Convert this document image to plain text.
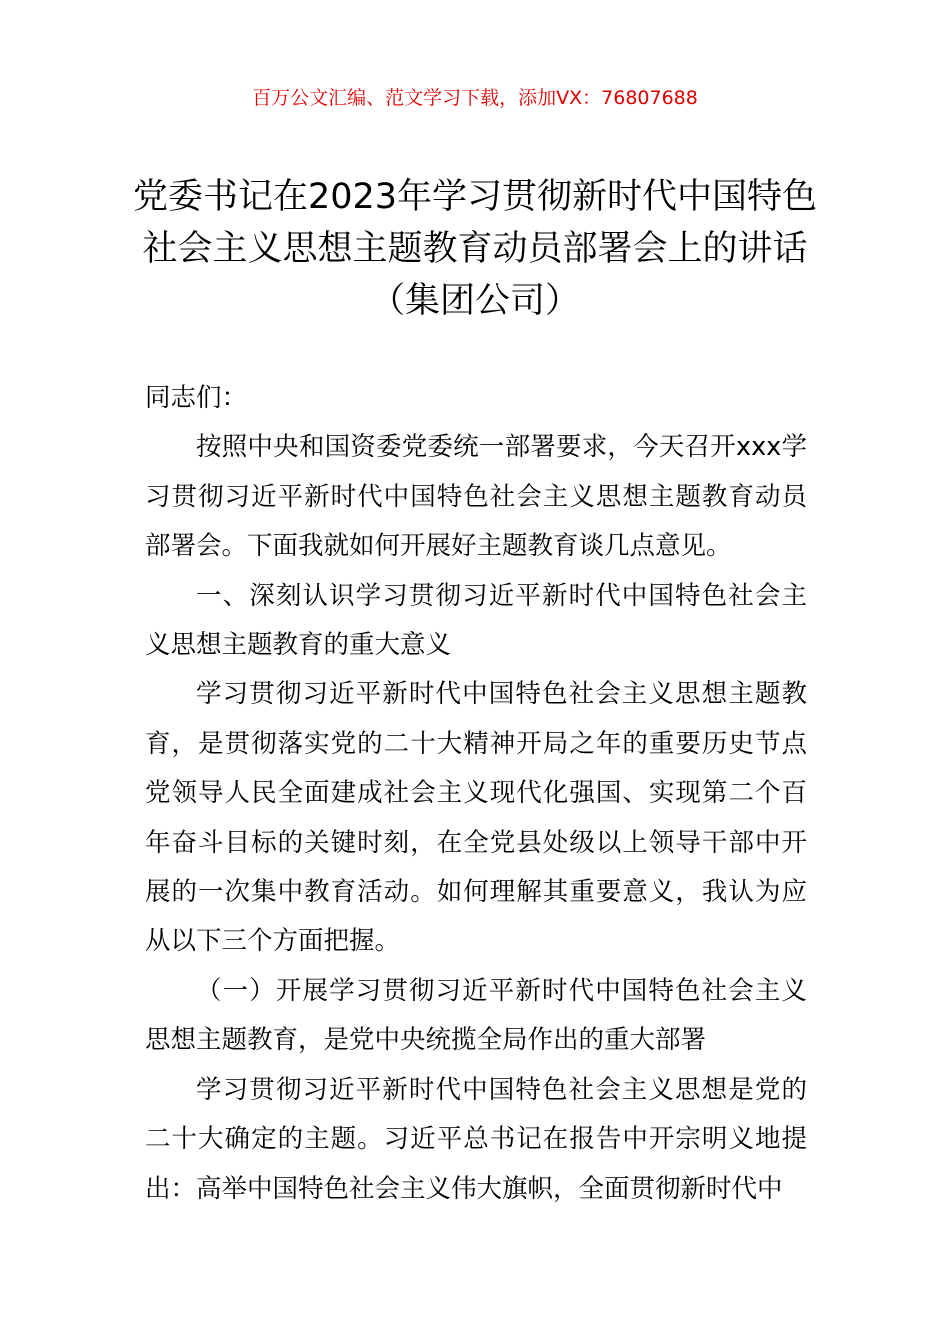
百万公文汇编、范文学习下载，添加VX：76807688
党委书记在2023年学习贯彻新时代中国特色社会主义思想主题教育动员部署会上的讲话（集团公司）

同志们：

按照中央和国资委党委统一部署要求，今天召开xxx学习贯彻习近平新时代中国特色社会主义思想主题教育动员部署会。下面我就如何开展好主题教育谈几点意见。

一、深刻认识学习贯彻习近平新时代中国特色社会主义思想主题教育的重大意义

学习贯彻习近平新时代中国特色社会主义思想主题教育，是贯彻落实党的二十大精神开局之年的重要历史节点党领导人民全面建成社会主义现代化强国、实现第二个百年奋斗目标的关键时刻，在全党县处级以上领导干部中开展的一次集中教育活动。如何理解其重要意义，我认为应从以下三个方面把握。

（一）开展学习贯彻习近平新时代中国特色社会主义思想主题教育，是党中央统揽全局作出的重大部署

学习贯彻习近平新时代中国特色社会主义思想是党的二十大确定的主题。习近平总书记在报告中开宗明义地提出：高举中国特色社会主义伟大旗帜，全面贯彻新时代中
